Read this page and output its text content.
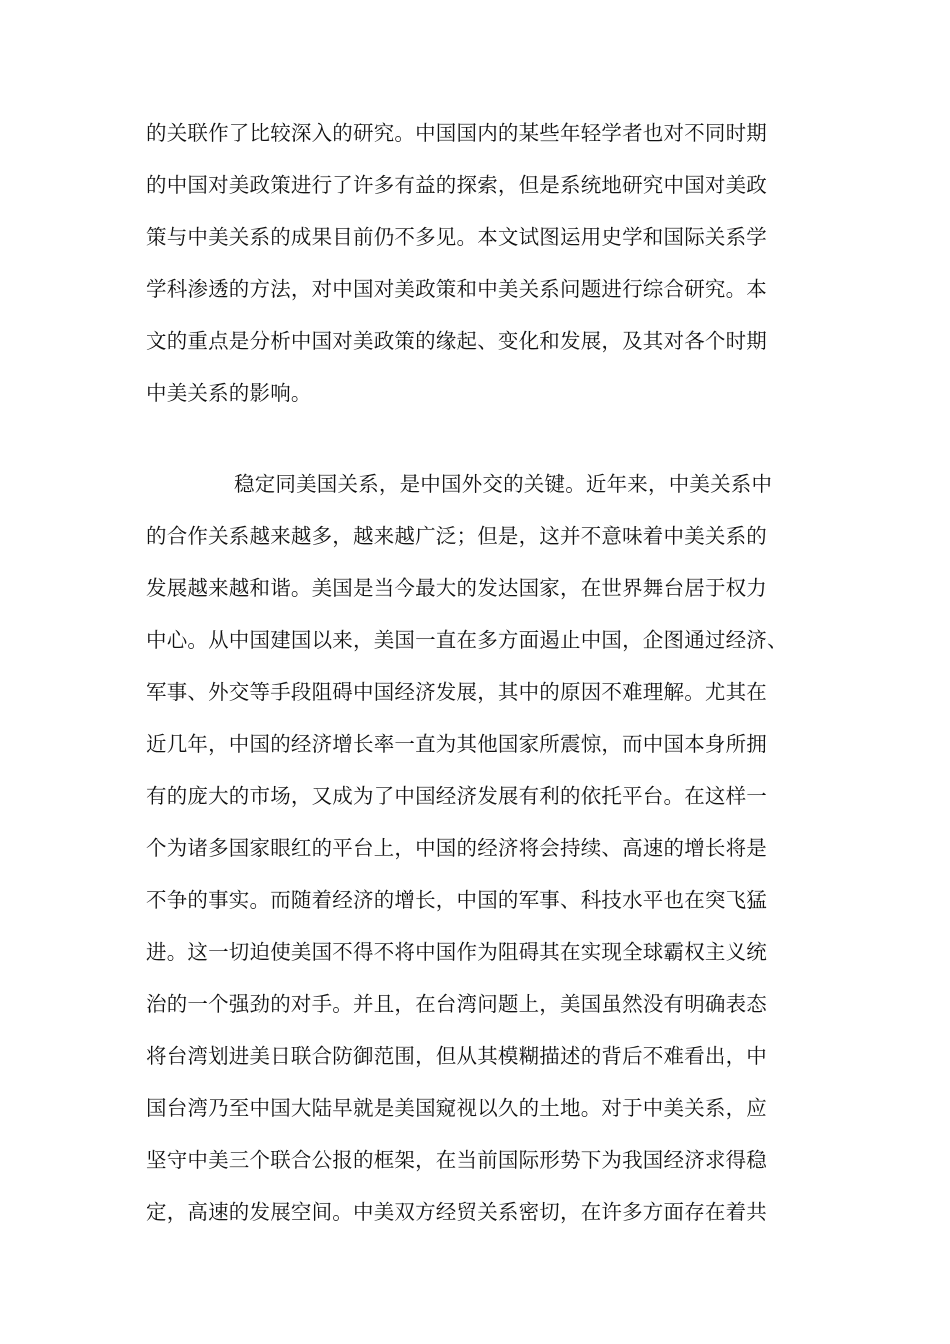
的关联作了比较深入的研究。中国国内的某些年轻学者也对不同时期
的中国对美政策进行了许多有益的探索，但是系统地研究中国对美政
策与中美关系的成果目前仍不多见。本文试图运用史学和国际关系学
学科渗透的方法，对中国对美政策和中美关系问题进行综合研究。本
文的重点是分析中国对美政策的缘起、变化和发展，及其对各个时期
中美关系的影响。
稳定同美国关系，是中国外交的关键。近年来，中美关系中
的合作关系越来越多，越来越广泛；但是，这并不意味着中美关系的
发展越来越和谐。美国是当今最大的发达国家，在世界舞台居于权力
中心。从中国建国以来，美国一直在多方面遏止中国，企图通过经济、
军事、外交等手段阻碍中国经济发展，其中的原因不难理解。尤其在
近几年，中国的经济增长率一直为其他国家所震惊，而中国本身所拥
有的庞大的市场，又成为了中国经济发展有利的依托平台。在这样一
个为诸多国家眼红的平台上，中国的经济将会持续、高速的增长将是
不争的事实。而随着经济的增长，中国的军事、科技水平也在突飞猛
进。这一切迫使美国不得不将中国作为阻碍其在实现全球霸权主义统
治的一个强劲的对手。并且，在台湾问题上，美国虽然没有明确表态
将台湾划进美日联合防御范围，但从其模糊描述的背后不难看出，中
国台湾乃至中国大陆早就是美国窥视以久的土地。对于中美关系，应
坚守中美三个联合公报的框架，在当前国际形势下为我国经济求得稳
定，高速的发展空间。中美双方经贸关系密切，在许多方面存在着共
